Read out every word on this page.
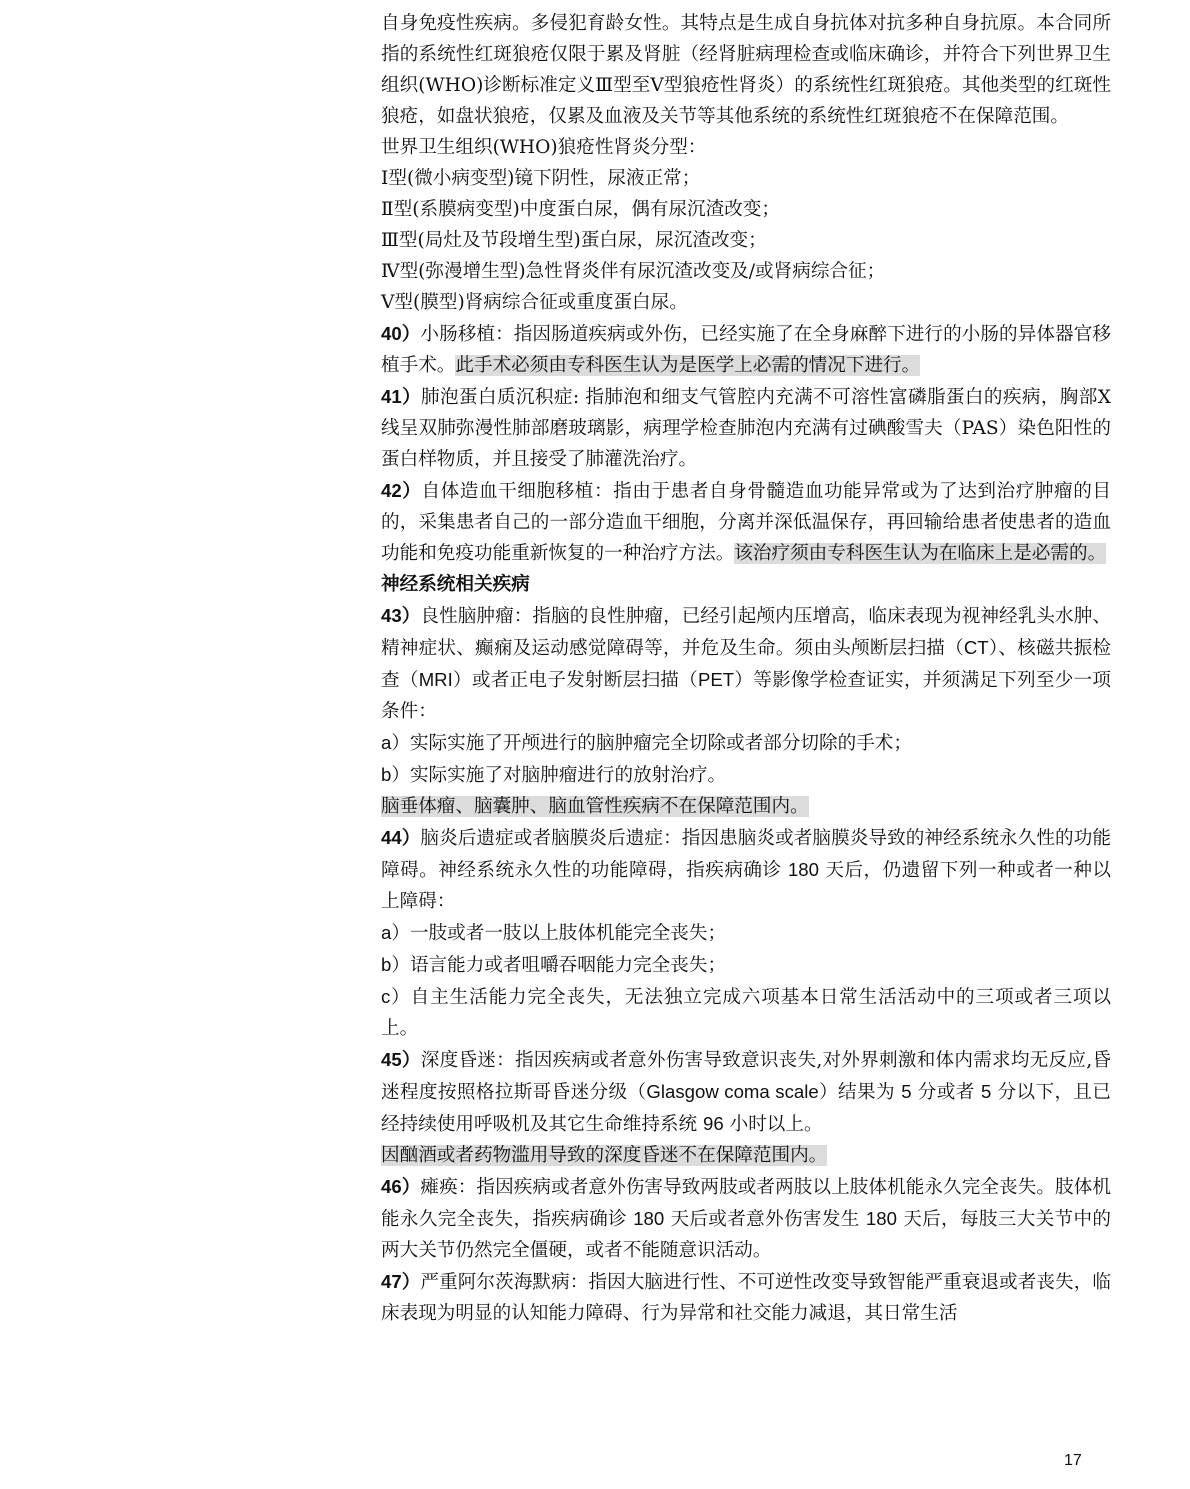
自身免疫性疾病。多侵犯育龄女性。其特点是生成自身抗体对抗多种自身抗原。本合同所指的系统性红斑狼疮仅限于累及肾脏（经肾脏病理检查或临床确诊，并符合下列世界卫生组织(WHO)诊断标准定义Ⅲ型至Ⅴ型狼疮性肾炎）的系统性红斑狼疮。其他类型的红斑性狼疮，如盘状狼疮，仅累及血液及关节等其他系统的系统性红斑狼疮不在保障范围。
世界卫生组织(WHO)狼疮性肾炎分型：
Ⅰ型(微小病变型)镜下阴性，尿液正常；
Ⅱ型(系膜病变型)中度蛋白尿，偶有尿沉渣改变；
Ⅲ型(局灶及节段增生型)蛋白尿，尿沉渣改变；
Ⅳ型(弥漫增生型)急性肾炎伴有尿沉渣改变及/或肾病综合征；
Ⅴ型(膜型)肾病综合征或重度蛋白尿。
40）小肠移植：指因肠道疾病或外伤，已经实施了在全身麻醉下进行的小肠的异体器官移植手术。此手术必须由专科医生认为是医学上必需的情况下进行。
41）肺泡蛋白质沉积症: 指肺泡和细支气管腔内充满不可溶性富磷脂蛋白的疾病，胸部X线呈双肺弥漫性肺部磨玻璃影，病理学检查肺泡内充满有过碘酸雪夫（PAS）染色阳性的蛋白样物质，并且接受了肺灌洗治疗。
42）自体造血干细胞移植：指由于患者自身骨髓造血功能异常或为了达到治疗肿瘤的目的，采集患者自己的一部分造血干细胞，分离并深低温保存，再回输给患者使患者的造血功能和免疫功能重新恢复的一种治疗方法。该治疗须由专科医生认为在临床上是必需的。
神经系统相关疾病
43）良性脑肿瘤：指脑的良性肿瘤，已经引起颅内压增高，临床表现为视神经乳头水肿、精神症状、癫痫及运动感觉障碍等，并危及生命。须由头颅断层扫描（CT）、核磁共振检查（MRI）或者正电子发射断层扫描（PET）等影像学检查证实，并须满足下列至少一项条件：
a）实际实施了开颅进行的脑肿瘤完全切除或者部分切除的手术；
b）实际实施了对脑肿瘤进行的放射治疗。
脑垂体瘤、脑囊肿、脑血管性疾病不在保障范围内。
44）脑炎后遗症或者脑膜炎后遗症：指因患脑炎或者脑膜炎导致的神经系统永久性的功能障碍。神经系统永久性的功能障碍，指疾病确诊 180 天后，仍遗留下列一种或者一种以上障碍：
a）一肢或者一肢以上肢体机能完全丧失；
b）语言能力或者咀嚼吞咽能力完全丧失；
c）自主生活能力完全丧失，无法独立完成六项基本日常生活活动中的三项或者三项以上。
45）深度昏迷：指因疾病或者意外伤害导致意识丧失,对外界刺激和体内需求均无反应,昏迷程度按照格拉斯哥昏迷分级（Glasgow coma scale）结果为 5 分或者 5 分以下，且已经持续使用呼吸机及其它生命维持系统 96 小时以上。
因酗酒或者药物滥用导致的深度昏迷不在保障范围内。
46）瘫痪：指因疾病或者意外伤害导致两肢或者两肢以上肢体机能永久完全丧失。肢体机能永久完全丧失，指疾病确诊 180 天后或者意外伤害发生 180 天后，每肢三大关节中的两大关节仍然完全僵硬，或者不能随意识活动。
47）严重阿尔茨海默病：指因大脑进行性、不可逆性改变导致智能严重衰退或者丧失，临床表现为明显的认知能力障碍、行为异常和社交能力减退，其日常生活
17
